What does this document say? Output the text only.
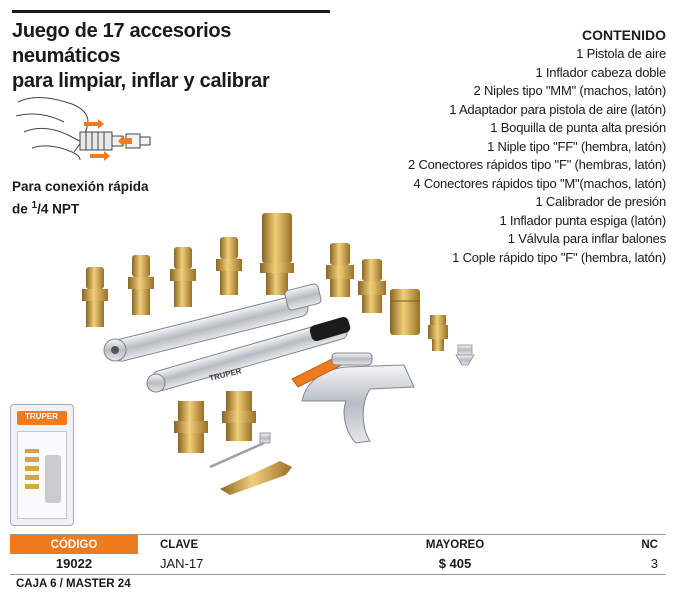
Juego de 17 accesorios neumáticos
para limpiar, inflar y calibrar
CONTENIDO
1 Pistola de aire
1 Inflador cabeza doble
2 Niples tipo "MM" (machos, latón)
1 Adaptador para pistola de aire (latón)
1 Boquilla de punta alta presión
1 Niple tipo "FF" (hembra, latón)
2 Conectores rápidos tipo "F" (hembras, latón)
4 Conectores rápidos tipo "M"(machos, latón)
1 Calibrador de presión
1 Inflador punta espiga (latón)
1 Válvula para inflar balones
1 Cople rápido tipo "F" (hembra, latón)
Para conexión rápida
de $^1$/4 NPT
TRUPER
TRUPER
CÓDIGO	CLAVE	MAYOREO	NC
19022	JAN-17	$ 405	3
CAJA 6 / MASTER 24
